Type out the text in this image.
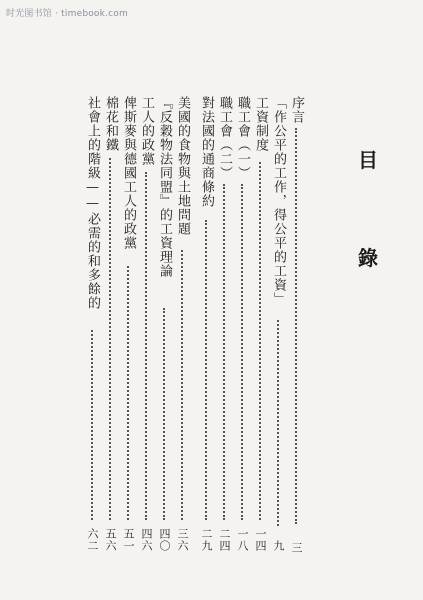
时光图书馆 · timebook.com
目
錄
序言
三
「作公平的工作，得公平的工資」
九
工資制度
一四
職工會（一）
一八
職工會（二）
二四
對法國的通商條約
二九
美國的食物與土地問題
三六
『反穀物法同盟』的工資理論
四〇
工人的政黨
四六
俾斯麥與德國工人的政黨
五一
棉花和鐵
五六
社會上的階級——必需的和多餘的
六二
